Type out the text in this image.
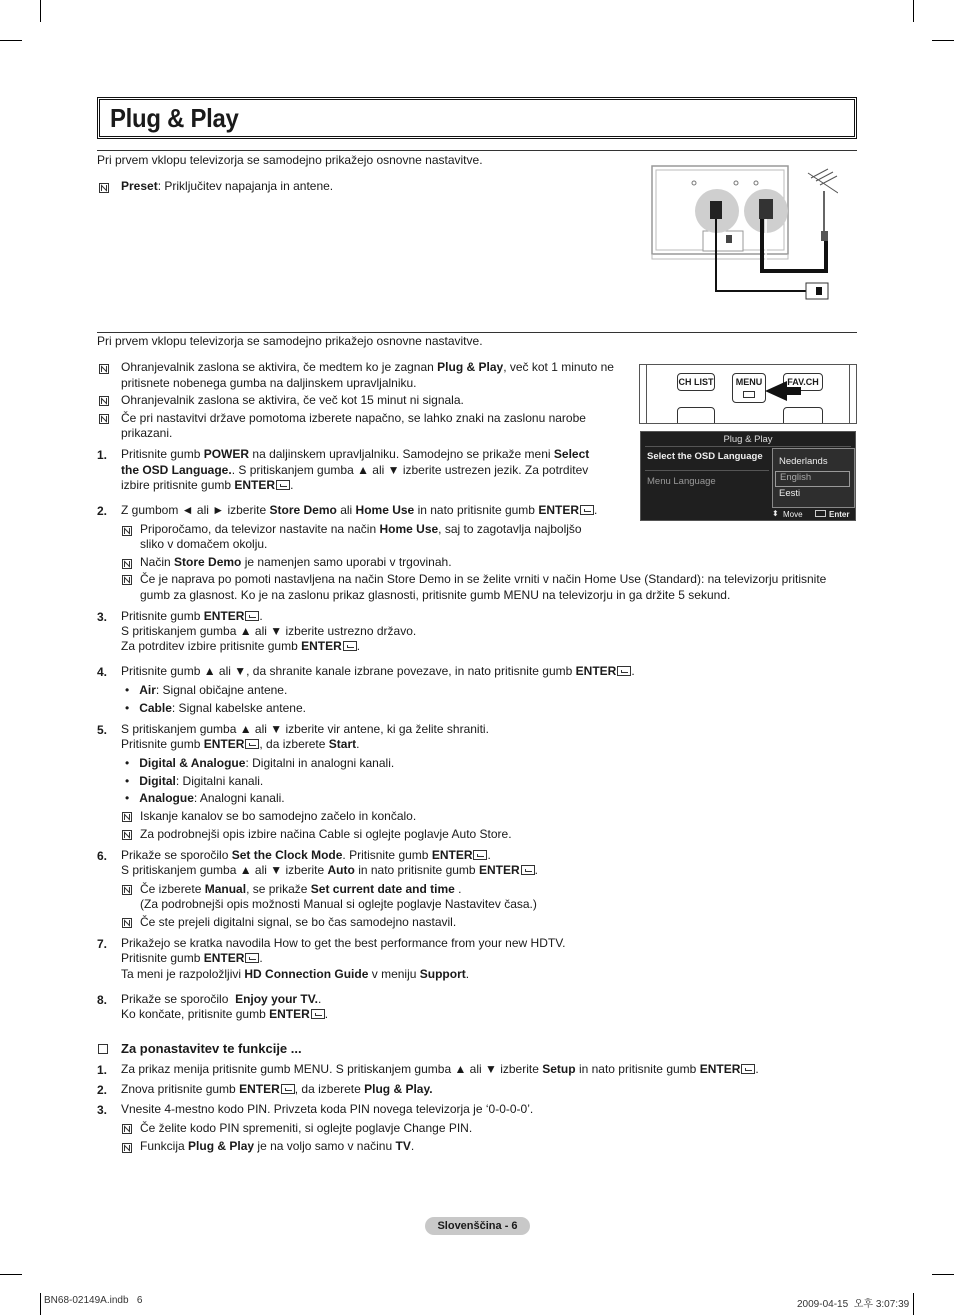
Plug & Play
Pri prvem vklopu televizorja se samodejno prikažejo osnovne nastavitve.
Preset: Priključitev napajanja in antene.
Pri prvem vklopu televizorja se samodejno prikažejo osnovne nastavitve.
Ohranjevalnik zaslona se aktivira, če medtem ko je zagnan Plug & Play, več kot 1 minuto ne
pritisnete nobenega gumba na daljinskem upravljalniku.
Ohranjevalnik zaslona se aktivira, če več kot 15 minut ni signala.
Če pri nastavitvi države pomotoma izberete napačno, se lahko znaki na zaslonu narobe
prikazani.
CH LIST	MENU	FAV.CH
Plug & Play
Select the OSD Language
Menu Language
Nederlands
English
Eesti
⬍ Move	Enter
1. Pritisnite gumb POWER na daljinskem upravljalniku. Samodejno se prikaže meni Select
the OSD Language.. S pritiskanjem gumba ▲ ali ▼ izberite ustrezen jezik. Za potrditev
izbire pritisnite gumb ENTER .
2. Z gumbom ◄ ali ► izberite Store Demo ali Home Use in nato pritisnite gumb ENTER .
Priporočamo, da televizor nastavite na način Home Use, saj to zagotavlja najboljšo
sliko v domačem okolju.
Način Store Demo je namenjen samo uporabi v trgovinah.
Če je naprava po pomoti nastavljena na način Store Demo in se želite vrniti v način Home Use (Standard): na televizorju pritisnite
gumb za glasnost. Ko je na zaslonu prikaz glasnosti, pritisnite gumb MENU na televizorju in ga držite 5 sekund.
3. Pritisnite gumb ENTER .
S pritiskanjem gumba ▲ ali ▼ izberite ustrezno državo.
Za potrditev izbire pritisnite gumb ENTER .
4. Pritisnite gumb ▲ ali ▼, da shranite kanale izbrane povezave, in nato pritisnite gumb ENTER .
•   Air: Signal običajne antene.
•   Cable: Signal kabelske antene.
5. S pritiskanjem gumba ▲ ali ▼ izberite vir antene, ki ga želite shraniti.
Pritisnite gumb ENTER , da izberete Start.
•   Digital & Analogue: Digitalni in analogni kanali.
•   Digital: Digitalni kanali.
•   Analogue: Analogni kanali.
Iskanje kanalov se bo samodejno začelo in končalo.
Za podrobnejši opis izbire načina Cable si oglejte poglavje Auto Store.
6. Prikaže se sporočilo Set the Clock Mode. Pritisnite gumb ENTER .
S pritiskanjem gumba ▲ ali ▼ izberite Auto in nato pritisnite gumb ENTER .
Če izberete Manual, se prikaže Set current date and time .
(Za podrobnejši opis možnosti Manual si oglejte poglavje Nastavitev časa.)
Če ste prejeli digitalni signal, se bo čas samodejno nastavil.
7. Prikažejo se kratka navodila How to get the best performance from your new HDTV.
Pritisnite gumb ENTER .
Ta meni je razpoložljivi HD Connection Guide v meniju Support.
8. Prikaže se sporočilo Enjoy your TV..
Ko končate, pritisnite gumb ENTER .
Za ponastavitev te funkcije ...
1. Za prikaz menija pritisnite gumb MENU. S pritiskanjem gumba ▲ ali ▼ izberite Setup in nato pritisnite gumb ENTER .
2. Znova pritisnite gumb ENTER , da izberete Plug & Play.
3. Vnesite 4-mestno kodo PIN. Privzeta koda PIN novega televizorja je ‘0-0-0-0’.
Če želite kodo PIN spremeniti, si oglejte poglavje Change PIN.
Funkcija Plug & Play je na voljo samo v načinu TV.
Slovenščina - 6
BN68-02149A.indb 6	2009-04-15 오후 3:07:39
